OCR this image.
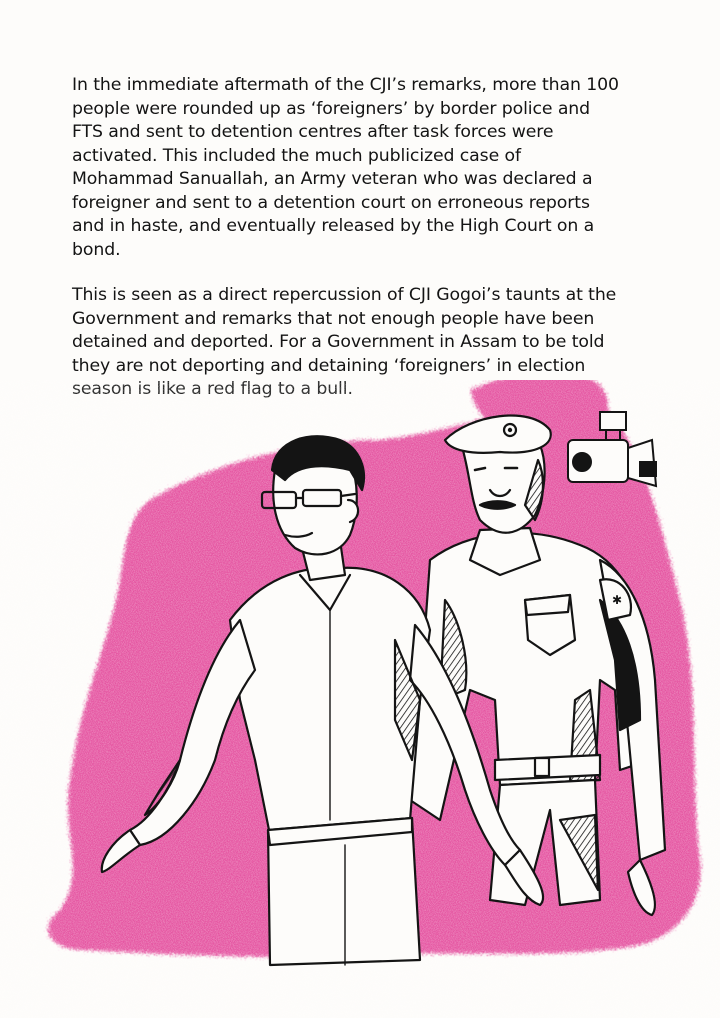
In the immediate aftermath of the CJI’s remarks, more than 100
people were rounded up as ‘foreigners’ by border police and
FTS and sent to detention centres after task forces were
activated. This included the much publicized case of
Mohammad Sanuallah, an Army veteran who was declared a
foreigner and sent to a detention court on erroneous reports
and in haste, and eventually released by the High Court on a
bond.

This is seen as a direct repercussion of CJI Gogoi’s taunts at the
Government and remarks that not enough people have been
detained and deported. For a Government in Assam to be told
they are not deporting and detaining ‘foreigners’ in election

✱
